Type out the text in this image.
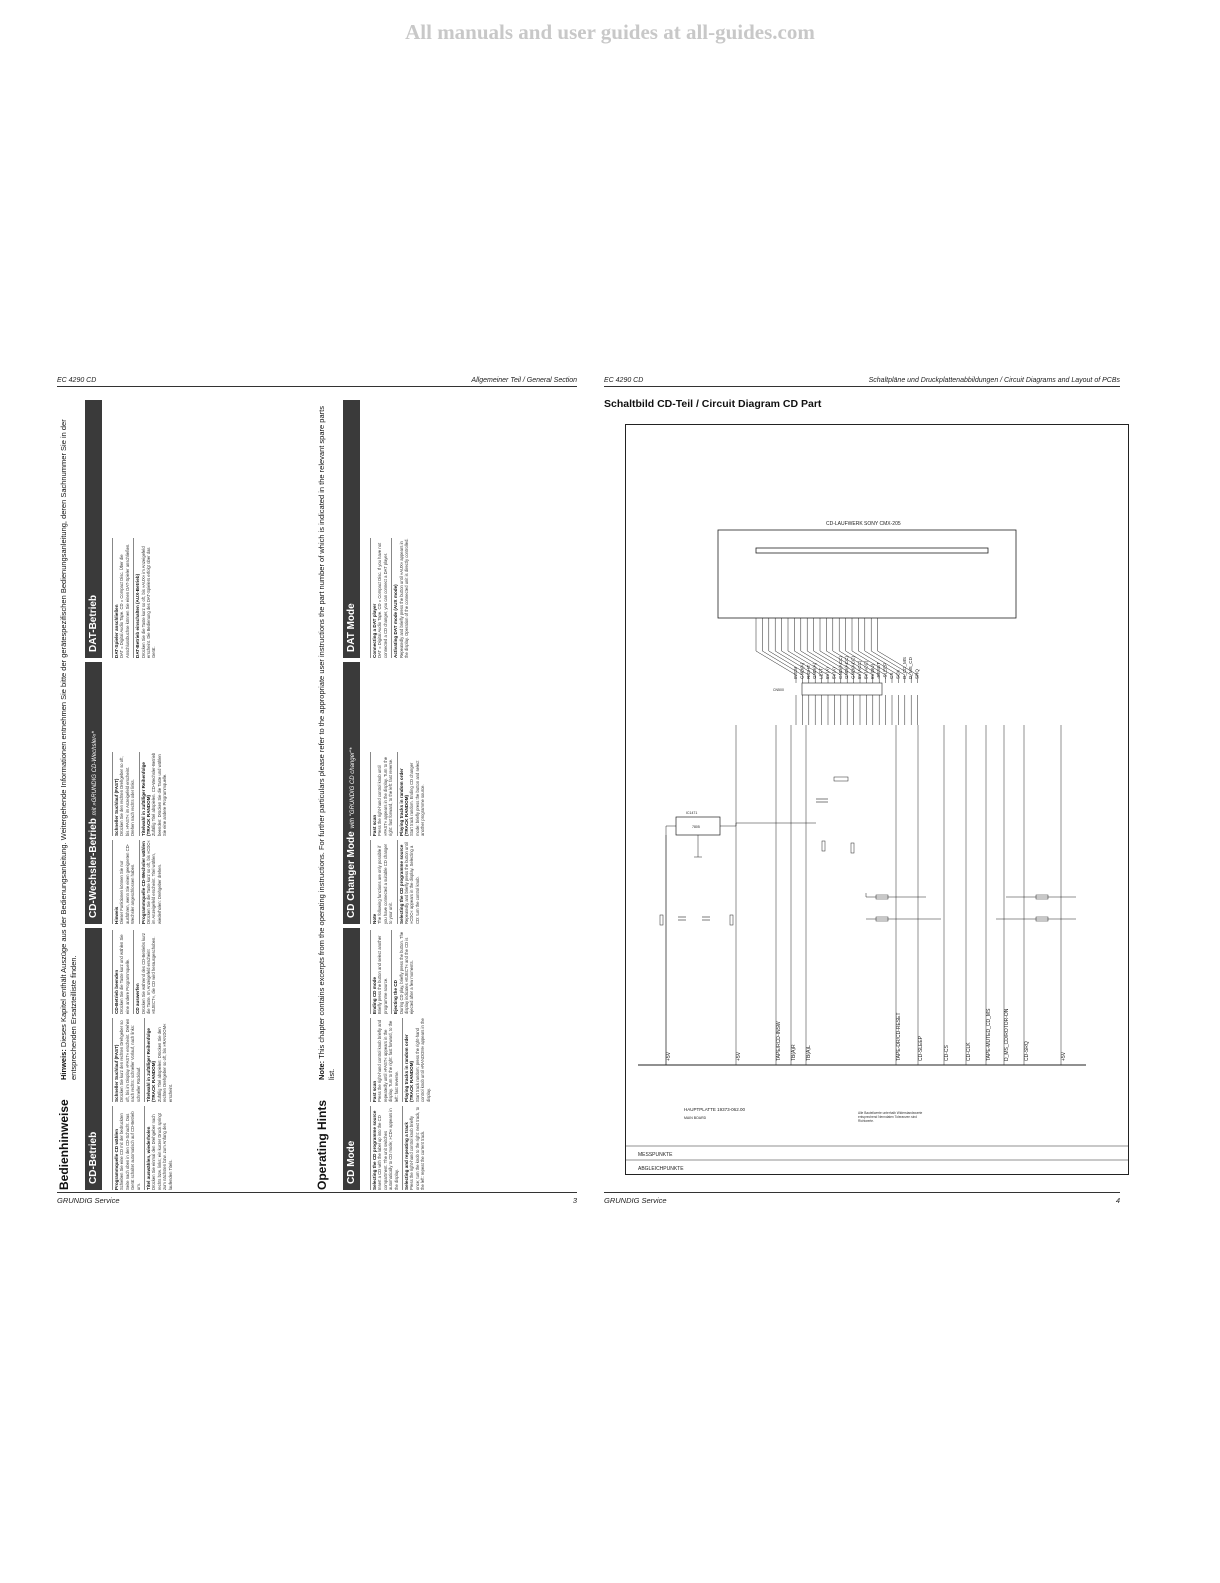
All manuals and user guides at all-guides.com
EC 4290 CD	Allgemeiner Teil / General Section
Bedienhinweise
Hinweis: Dieses Kapitel enthält Auszüge aus der Bedienungsanleitung. Weitergehende Informationen entnehmen Sie bitte der gerätespezifischen Bedienungsanleitung, deren Sachnummer Sie in der entsprechenden Ersatzteilliste finden.
CD-Betrieb
CD-Wechsler-Betrieb mit »GRUNDIG CD-Wechsler«*
DAT-Betrieb
Programmquelle CD wählen Schieben Sie eine CD mit der bedruckten Seite nach oben in den CD-Schacht. Das Gerät schaltet automatisch auf CD-Betrieb um.	Titel auswählen, wiederholen Drücken Sie einmal den Drehgeber nach rechts bzw. links; ein kurzer Druck springt zum nächsten bzw. zum Anfang des laufenden Titels.

Schneller Suchlauf (FAST) Drücken Sie kurz den rechten Drehgeber so oft, bis im Display »FAST« erscheint. Drehen nach rechts: schneller Vorlauf, nach links: schneller Rücklauf.	Titelwahl in zufälliger Reihenfolge (TRACK RANDOM) Zufällig Titel abspielen: Drücken Sie den rechten Drehgeber so oft, bis »RANDOM« erscheint.

CD-Betrieb beenden Drücken Sie die Taste kurz und wählen Sie eine andere Programmquelle.	CD auswerfen Drücken Sie während des CD-Betriebs kurz die Taste. Im Anzeigefeld erscheint »EJECT«, die CD wird herausgeschoben.

Hinweis Dieser Funktionen können Sie nur ausführen, wenn Sie einen geeigneten CD-Wechsler angeschlossen haben.	Programmquelle CD-Wechsler wählen Drücken Sie die Taste kurz so oft, bis »CDC« im Anzeigefeld erscheint. Titel wählen, wiederholen: Drehgeber drehen.

Schneller Suchlauf (FAST) Drücken Sie den rechten Drehgeber so oft, bis »FAST« im Anzeigefeld erscheint. Drehen nach rechts oder links.	Titelwahl in zufälliger Reihenfolge (TRACK RANDOM) Zufällig Titel abspielen. CD-Wechsler-Betrieb beenden: Drücken Sie die Taste und wählen Sie eine andere Programmquelle.

DAT-Spieler anschließen DAT = Digital Audio Tape. CD = Compact Disc. Über die Anschlussbuchse können Sie einen DAT-Spieler anschließen.	DAT-Betrieb einschalten (AUX-Betrieb) Drücken Sie die Taste kurz so oft, bis »AUX« im Anzeigefeld erscheint. Die Bedienung des DAT-Spielers erfolgt über das Gerät.

Operating Hints
Note: This chapter contains excerpts from the operating instructions. For further particulars please refer to the appropriate user instructions the part number of which is indicated in the relevant spare parts list.
CD Mode
CD Changer Mode with "GRUNDIG CD changer"*
DAT Mode
Selecting the CD programme source Insert a CD with the label up into the CD compartment. The unit switches automatically to CD mode; »CD« appears in the display.	Selecting and repeating a track Press the right-hand control knob briefly once; turn the knob to the right: next track, to the left: repeat the current track.

Fast scan Press the right-hand control knob briefly and repeatedly until »FAST« appears in the display. Turn to the right: fast forward, to the left: fast reverse.	Playing tracks in random order (TRACK RANDOM) Start track random: press the right-hand control knob until »RANDOM« appears in the display.

Ending CD mode Briefly press the button and select another programme source.	Ejecting the CD During CD play, briefly press the button. The display indicates »EJECT« and the CD is ejected after a few moments.

Note The following functions are only possible if you have connected a suitable CD changer to your unit.	Selecting the CD programme source Repeatedly and briefly press the button until »CDC« appears in the display. Selecting a CD: turn the control knob.

Fast scan Press the right-hand control knob until »FAST« appears in the display. Turn to the right: fast forward, to the left: fast reverse.	Playing tracks in random order (TRACK RANDOM) Start track random. Ending CD changer mode: briefly press the button and select another programme source.

Connecting a DAT player DAT = Digital Audio Tape. CD = Compact Disc. If you have not connected a CD changer, you can connect a DAT player.	Activating DAT mode (AUX mode) Repeatedly and briefly press the button until »AUX« appears in the display. Operation of the connected unit is directly controlled.

GRUNDIG Service	3
EC 4290 CD	Schaltpläne und Druckplattenabbildungen / Circuit Diagrams and Layout of PCBs
Schaltbild CD-Teil / Circuit Diagram CD Part
CD-LAUFWERK SONY CMX-205
CN500
INSW GND(A) RIGHT GND(A) LEFT 5V(A) 5V(A) GND(ACC) GND(ACC) GND(ACC) 5V(ACC) 5V(ACC) 5V(BU) -RESET -SLEEP CS SCK D_CD_MS D_MS_CD SRQ
IC1471
7805
+5V	+5V	TAPE/RCD-INSW TB(A)R TB(A)L	TAPE-DR/CD-RESET	CD-SLEEP	CD-CS	CD-CLK	TAPE-MUTED_CD_MS D_MS_CD/ROTOR-ON	CD-SRQ	+5V
HAUPTPLATTE 19373-062.00
MAIN BOARD
Alle Bauteilwerte unterhalb Widerstandswerte entsprechend Nenndaten Toleranzen sind Richtwerte.
MESSPUNKTE
ABGLEICHPUNKTE
GRUNDIG Service	4
